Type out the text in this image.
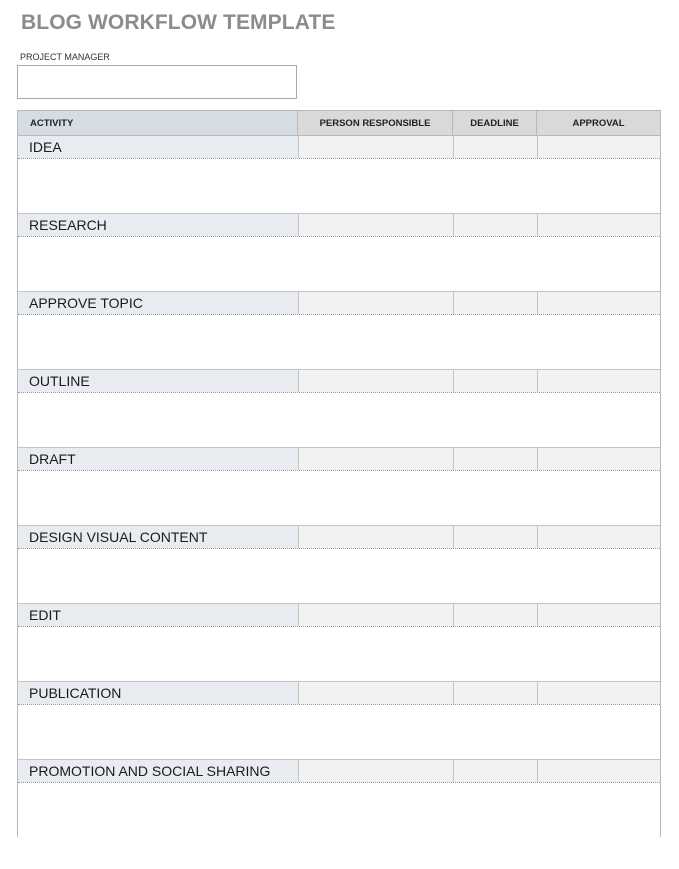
BLOG WORKFLOW TEMPLATE
PROJECT MANAGER
ACTIVITY	PERSON RESPONSIBLE	DEADLINE	APPROVAL
IDEA
RESEARCH
APPROVE TOPIC
OUTLINE
DRAFT
DESIGN VISUAL CONTENT
EDIT
PUBLICATION
PROMOTION AND SOCIAL SHARING
